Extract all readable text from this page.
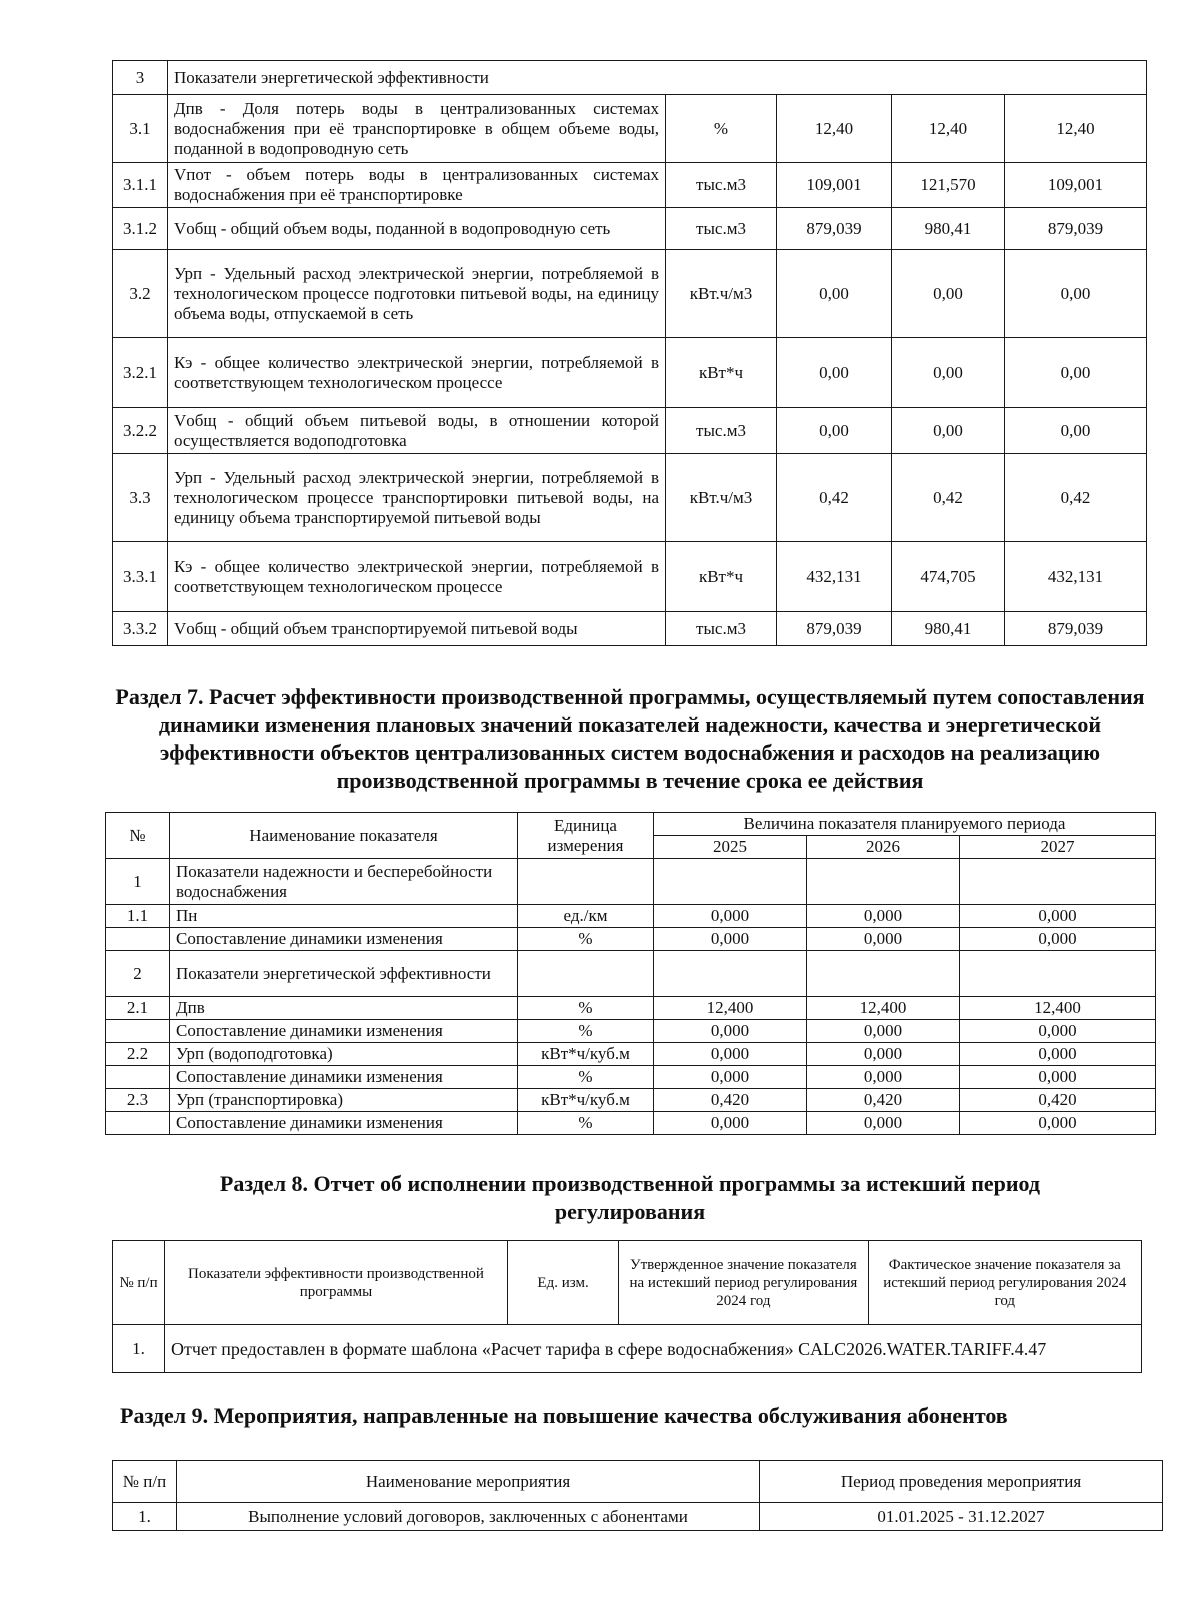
3	Показатели энергетической эффективности				
3.1	Дпв - Доля потерь воды в централизованных системах водоснабжения при её транспортировке в общем объеме воды, поданной в водопроводную сеть	%	12,40	12,40	12,40
3.1.1	Vпот - объем потерь воды в централизованных системах водоснабжения при её транспортировке	тыс.м3	109,001	121,570	109,001
3.1.2	Vобщ - общий объем воды, поданной в водопроводную сеть	тыс.м3	879,039	980,41	879,039
3.2	Урп - Удельный расход электрической энергии, потребляемой в технологическом процессе подготовки питьевой воды, на единицу объема воды, отпускаемой в сеть	кВт.ч/м3	0,00	0,00	0,00
3.2.1	Кэ - общее количество электрической энергии, потребляемой в соответствующем технологическом процессе	кВт*ч	0,00	0,00	0,00
3.2.2	Vобщ - общий объем питьевой воды, в отношении которой осуществляется водоподготовка	тыс.м3	0,00	0,00	0,00
3.3	Урп - Удельный расход электрической энергии, потребляемой в технологическом процессе транспортировки питьевой воды, на единицу объема транспортируемой питьевой воды	кВт.ч/м3	0,42	0,42	0,42
3.3.1	Кэ - общее количество электрической энергии, потребляемой в соответствующем технологическом процессе	кВт*ч	432,131	474,705	432,131
3.3.2	Vобщ - общий объем транспортируемой питьевой воды	тыс.м3	879,039	980,41	879,039
Раздел 7. Расчет эффективности производственной программы, осуществляемый путем сопоставления динамики изменения плановых значений показателей надежности, качества и энергетической эффективности объектов централизованных систем водоснабжения и расходов на реализацию производственной программы в течение срока ее действия
№	Наименование показателя	Единица измерения	Величина показателя планируемого периода		
			2025	2026	2027
1	Показатели надежности и бесперебойности водоснабжения				
1.1	Пн	ед./км	0,000	0,000	0,000
	Сопоставление динамики изменения	%	0,000	0,000	0,000
2	Показатели энергетической эффективности				
2.1	Дпв	%	12,400	12,400	12,400
	Сопоставление динамики изменения	%	0,000	0,000	0,000
2.2	Урп (водоподготовка)	кВт*ч/куб.м	0,000	0,000	0,000
	Сопоставление динамики изменения	%	0,000	0,000	0,000
2.3	Урп (транспортировка)	кВт*ч/куб.м	0,420	0,420	0,420
	Сопоставление динамики изменения	%	0,000	0,000	0,000
Раздел 8. Отчет об исполнении производственной программы за истекший период регулирования
№ п/п	Показатели эффективности производственной программы	Ед. изм.	Утвержденное значение показателя на истекший период регулирования 2024 год	Фактическое значение показателя за истекший период регулирования 2024 год
1.	Отчет предоставлен в формате шаблона «Расчет тарифа в сфере водоснабжения» CALC2026.WATER.TARIFF.4.47			
Раздел 9. Мероприятия, направленные на повышение качества обслуживания абонентов
№ п/п	Наименование мероприятия	Период проведения мероприятия
1.	Выполнение условий договоров, заключенных с абонентами	01.01.2025 - 31.12.2027
